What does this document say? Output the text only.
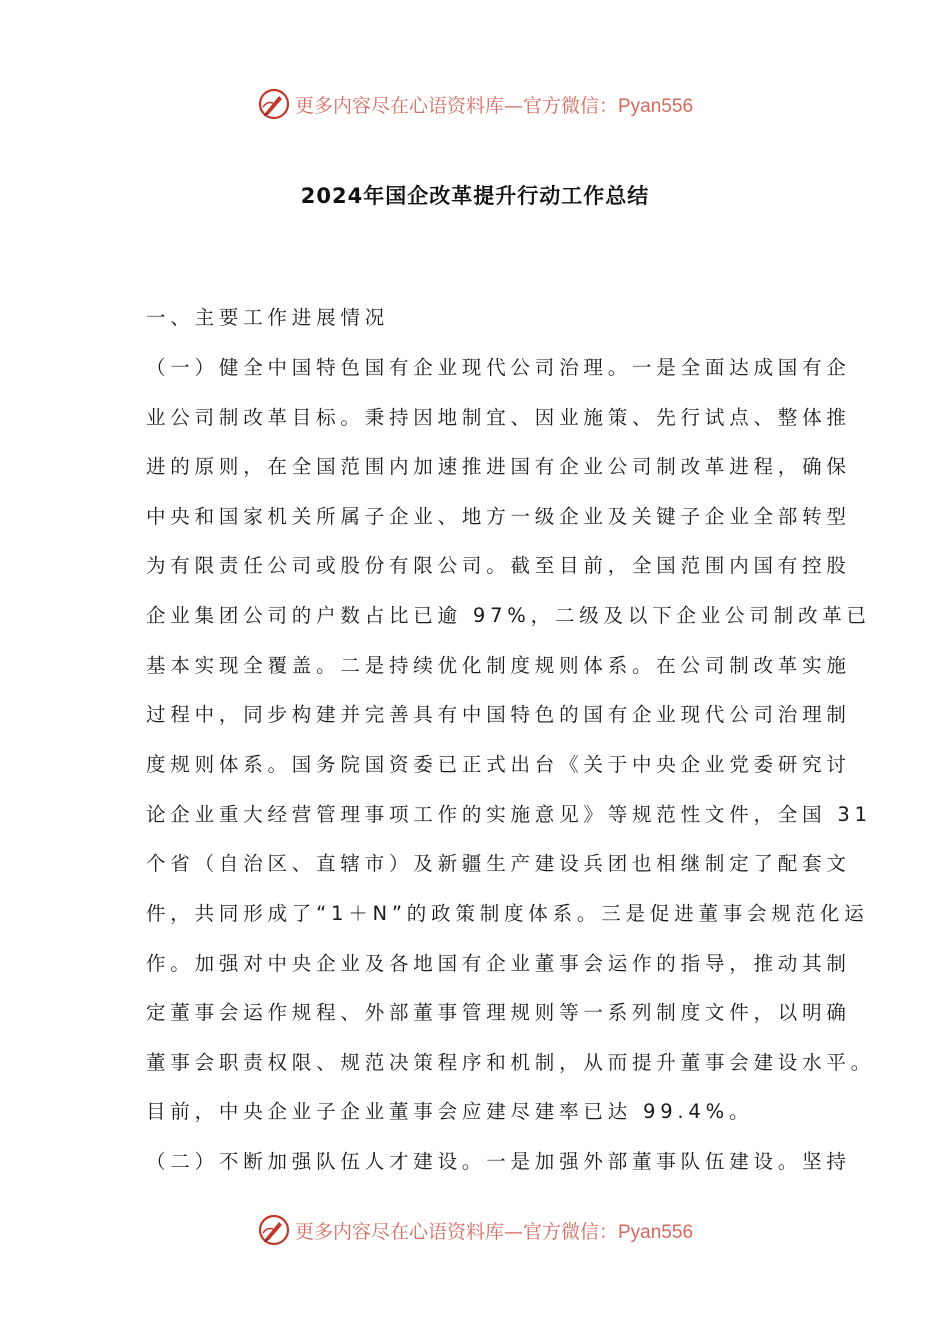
更多内容尽在心语资料库—官方微信：Pyan556
2024年国企改革提升行动工作总结
一、主要工作进展情况
（一）健全中国特色国有企业现代公司治理。一是全面达成国有企
业公司制改革目标。秉持因地制宜、因业施策、先行试点、整体推
进的原则，在全国范围内加速推进国有企业公司制改革进程，确保
中央和国家机关所属子企业、地方一级企业及关键子企业全部转型
为有限责任公司或股份有限公司。截至目前，全国范围内国有控股
企业集团公司的户数占比已逾 97%，二级及以下企业公司制改革已
基本实现全覆盖。二是持续优化制度规则体系。在公司制改革实施
过程中，同步构建并完善具有中国特色的国有企业现代公司治理制
度规则体系。国务院国资委已正式出台《关于中央企业党委研究讨
论企业重大经营管理事项工作的实施意见》等规范性文件，全国 31
个省（自治区、直辖市）及新疆生产建设兵团也相继制定了配套文
件，共同形成了“1＋N”的政策制度体系。三是促进董事会规范化运
作。加强对中央企业及各地国有企业董事会运作的指导，推动其制
定董事会运作规程、外部董事管理规则等一系列制度文件，以明确
董事会职责权限、规范决策程序和机制，从而提升董事会建设水平。
目前，中央企业子企业董事会应建尽建率已达 99.4%。
（二）不断加强队伍人才建设。一是加强外部董事队伍建设。坚持
更多内容尽在心语资料库—官方微信：Pyan556
